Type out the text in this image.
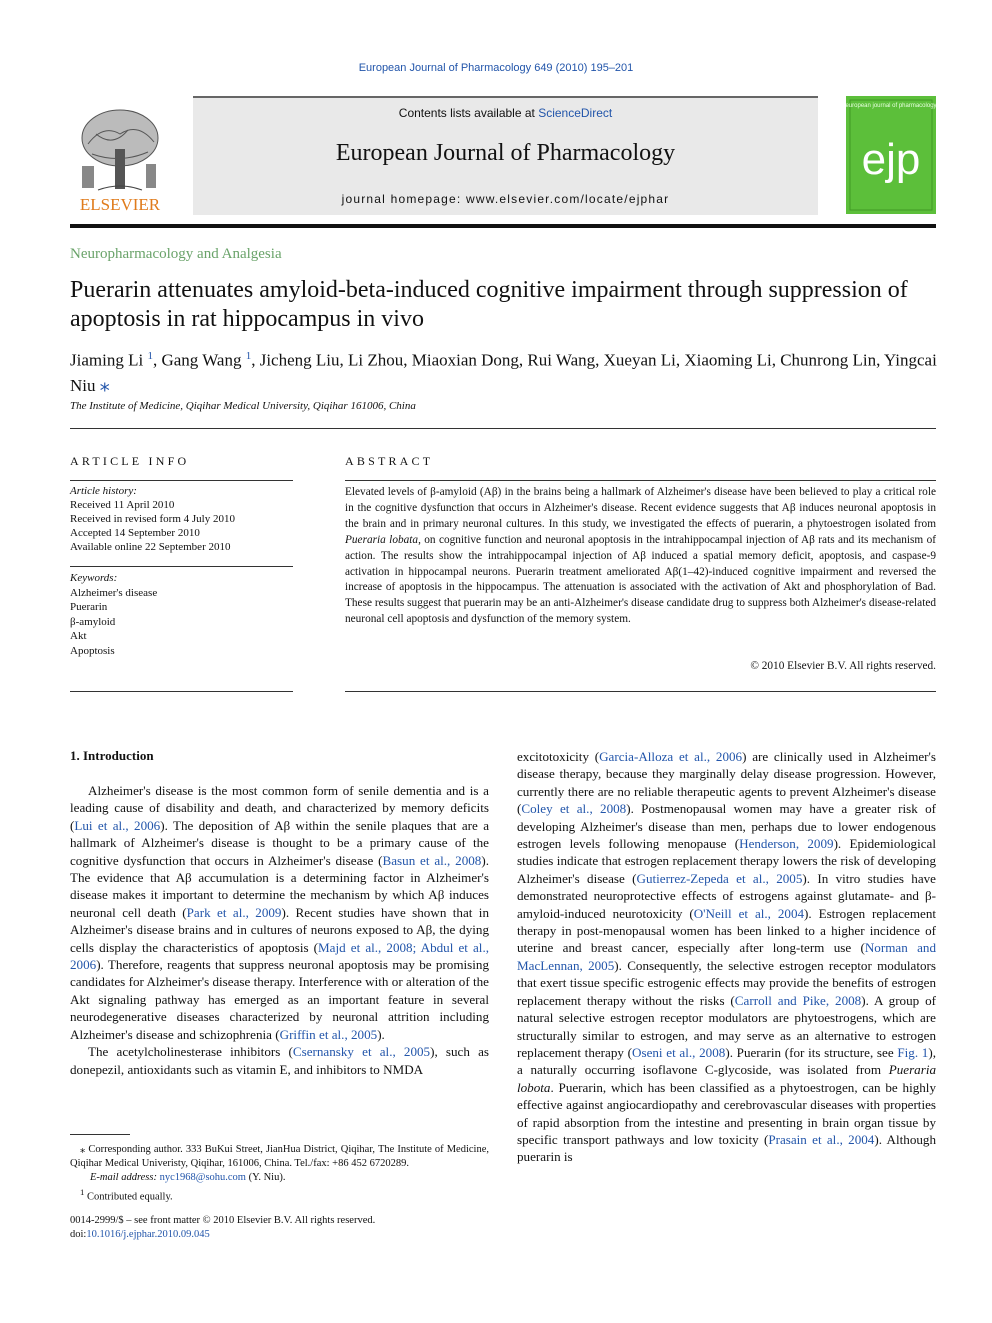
European Journal of Pharmacology 649 (2010) 195–201
ELSEVIER
Contents lists available at ScienceDirect
European Journal of Pharmacology
journal homepage: www.elsevier.com/locate/ejphar
european journal of pharmacology
ejp
Neuropharmacology and Analgesia
Puerarin attenuates amyloid-beta-induced cognitive impairment through suppression of apoptosis in rat hippocampus in vivo
Jiaming Li $^1$, Gang Wang $^1$, Jicheng Liu, Li Zhou, Miaoxian Dong, Rui Wang, Xueyan Li, Xiaoming Li, Chunrong Lin, Yingcai Niu ⁎
The Institute of Medicine, Qiqihar Medical University, Qiqihar 161006, China
ARTICLE INFO	ABSTRACT
Article history:
Received 11 April 2010
Received in revised form 4 July 2010
Accepted 14 September 2010
Available online 22 September 2010
Keywords:
Alzheimer's disease
Puerarin
β-amyloid
Akt
Apoptosis
Elevated levels of β-amyloid (Aβ) in the brains being a hallmark of Alzheimer's disease have been believed to play a critical role in the cognitive dysfunction that occurs in Alzheimer's disease. Recent evidence suggests that Aβ induces neuronal apoptosis in the brain and in primary neuronal cultures. In this study, we investigated the effects of puerarin, a phytoestrogen isolated from Pueraria lobata, on cognitive function and neuronal apoptosis in the intrahippocampal injection of Aβ rats and its mechanism of action. The results show the intrahippocampal injection of Aβ induced a spatial memory deficit, apoptosis, and caspase-9 activation in hippocampal neurons. Puerarin treatment ameliorated Aβ(1–42)-induced cognitive impairment and reversed the increase of apoptosis in the hippocampus. The attenuation is associated with the activation of Akt and phosphorylation of Bad. These results suggest that puerarin may be an anti-Alzheimer's disease candidate drug to suppress both Alzheimer's disease-related neuronal cell apoptosis and dysfunction of the memory system.
© 2010 Elsevier B.V. All rights reserved.
1. Introduction

Alzheimer's disease is the most common form of senile dementia and is a leading cause of disability and death, and characterized by memory deficits (Lui et al., 2006). The deposition of Aβ within the senile plaques that are a hallmark of Alzheimer's disease is thought to be a primary cause of the cognitive dysfunction that occurs in Alzheimer's disease (Basun et al., 2008). The evidence that Aβ accumulation is a determining factor in Alzheimer's disease makes it important to determine the mechanism by which Aβ induces neuronal cell death (Park et al., 2009). Recent studies have shown that in Alzheimer's disease brains and in cultures of neurons exposed to Aβ, the dying cells display the characteristics of apoptosis (Majd et al., 2008; Abdul et al., 2006). Therefore, reagents that suppress neuronal apoptosis may be promising candidates for Alzheimer's disease therapy. Interference with or alteration of the Akt signaling pathway has emerged as an important feature in several neurodegenerative diseases characterized by neuronal attrition including Alzheimer's disease and schizophrenia (Griffin et al., 2005).

The acetylcholinesterase inhibitors (Csernansky et al., 2005), such as donepezil, antioxidants such as vitamin E, and inhibitors to NMDA

excitotoxicity (Garcia-Alloza et al., 2006) are clinically used in Alzheimer's disease therapy, because they marginally delay disease progression. However, currently there are no reliable therapeutic agents to prevent Alzheimer's disease (Coley et al., 2008). Postmenopausal women may have a greater risk of developing Alzheimer's disease than men, perhaps due to lower endogenous estrogen levels following menopause (Henderson, 2009). Epidemiological studies indicate that estrogen replacement therapy lowers the risk of developing Alzheimer's disease (Gutierrez-Zepeda et al., 2005). In vitro studies have demonstrated neuroprotective effects of estrogens against glutamate- and β-amyloid-induced neurotoxicity (O'Neill et al., 2004). Estrogen replacement therapy in post-menopausal women has been linked to a higher incidence of uterine and breast cancer, especially after long-term use (Norman and MacLennan, 2005). Consequently, the selective estrogen receptor modulators that exert tissue specific estrogenic effects may provide the benefits of estrogen replacement therapy without the risks (Carroll and Pike, 2008). A group of natural selective estrogen receptor modulators are phytoestrogens, which are structurally similar to estrogen, and may serve as an alternative to estrogen replacement therapy (Oseni et al., 2008). Puerarin (for its structure, see Fig. 1), a naturally occurring isoflavone C-glycoside, was isolated from Pueraria lobota. Puerarin, which has been classified as a phytoestrogen, can be highly effective against angiocardiopathy and cerebrovascular diseases with properties of rapid absorption from the intestine and presenting in brain organ tissue by specific transport pathways and low toxicity (Prasain et al., 2004). Although puerarin is

⁎ Corresponding author. 333 BuKui Street, JianHua District, Qiqihar, The Institute of Medicine, Qiqihar Medical Univeristy, Qiqihar, 161006, China. Tel./fax: +86 452 6720289.
E-mail address: nyc1968@sohu.com (Y. Niu).
$^1$ Contributed equally.
0014-2999/$ – see front matter © 2010 Elsevier B.V. All rights reserved.
doi:10.1016/j.ejphar.2010.09.045
